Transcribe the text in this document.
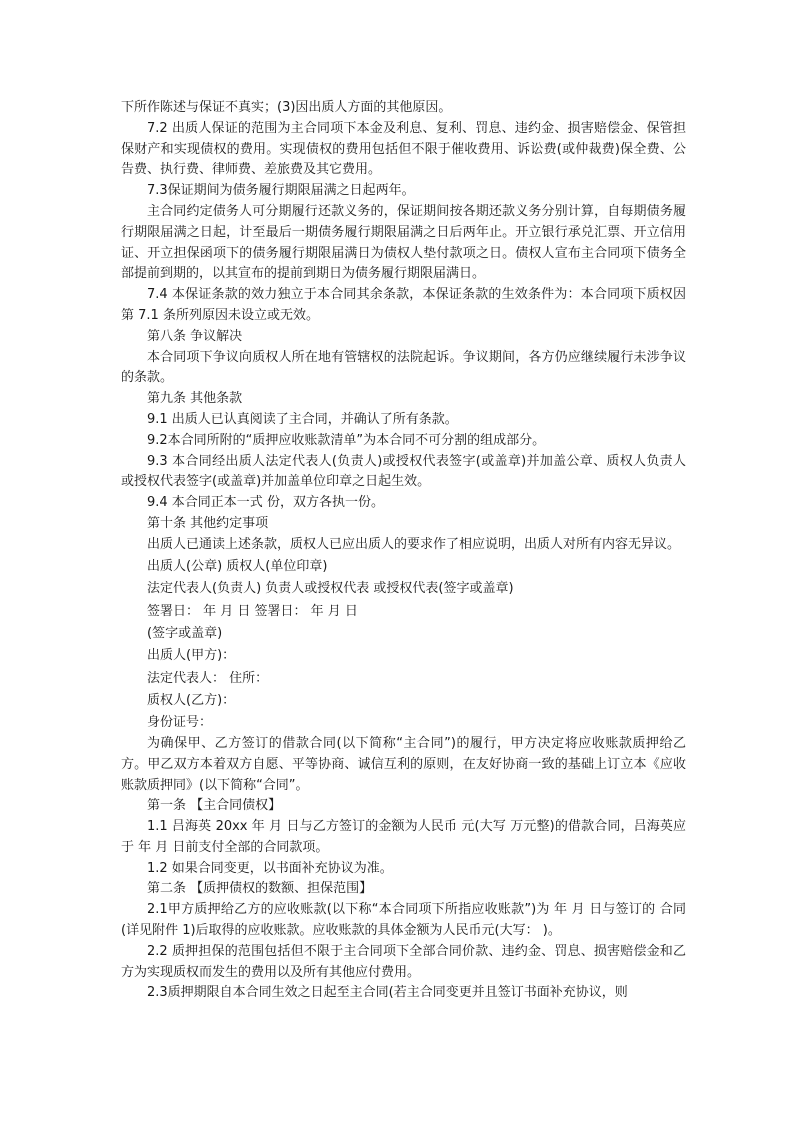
下所作陈述与保证不真实；(3)因出质人方面的其他原因。

7.2 出质人保证的范围为主合同项下本金及利息、复利、罚息、违约金、损害赔偿金、保管担保财产和实现债权的费用。实现债权的费用包括但不限于催收费用、诉讼费(或仲裁费)保全费、公告费、执行费、律师费、差旅费及其它费用。

7.3保证期间为债务履行期限届满之日起两年。

主合同约定债务人可分期履行还款义务的，保证期间按各期还款义务分别计算，自每期债务履行期限届满之日起，计至最后一期债务履行期限届满之日后两年止。开立银行承兑汇票、开立信用证、开立担保函项下的债务履行期限届满日为债权人垫付款项之日。债权人宣布主合同项下债务全部提前到期的，以其宣布的提前到期日为债务履行期限届满日。

7.4 本保证条款的效力独立于本合同其余条款，本保证条款的生效条件为：本合同项下质权因第 7.1 条所列原因未设立或无效。

第八条 争议解决

本合同项下争议向质权人所在地有管辖权的法院起诉。争议期间，各方仍应继续履行未涉争议的条款。

第九条 其他条款

9.1 出质人已认真阅读了主合同，并确认了所有条款。

9.2本合同所附的“质押应收账款清单”为本合同不可分割的组成部分。

9.3 本合同经出质人法定代表人(负责人)或授权代表签字(或盖章)并加盖公章、质权人负责人或授权代表签字(或盖章)并加盖单位印章之日起生效。

9.4 本合同正本一式 份，双方各执一份。

第十条 其他约定事项

出质人已通读上述条款，质权人已应出质人的要求作了相应说明，出质人对所有内容无异议。

出质人(公章) 质权人(单位印章)

法定代表人(负责人) 负责人或授权代表 或授权代表(签字或盖章)

签署日： 年 月 日 签署日： 年 月 日

(签字或盖章)

出质人(甲方)：

法定代表人： 住所：

质权人(乙方)：

身份证号：

为确保甲、乙方签订的借款合同(以下简称“主合同”)的履行，甲方决定将应收账款质押给乙方。甲乙双方本着双方自愿、平等协商、诚信互利的原则，在友好协商一致的基础上订立本《应收账款质押同》(以下简称“合同”。

第一条 【主合同债权】

1.1 吕海英 20xx 年 月 日与乙方签订的金额为人民币 元(大写 万元整)的借款合同，吕海英应于 年 月 日前支付全部的合同款项。

1.2 如果合同变更，以书面补充协议为准。

第二条 【质押债权的数额、担保范围】

2.1甲方质押给乙方的应收账款(以下称“本合同项下所指应收账款”)为 年 月 日与签订的 合同(详见附件 1)后取得的应收账款。应收账款的具体金额为人民币元(大写： )。

2.2 质押担保的范围包括但不限于主合同项下全部合同价款、违约金、罚息、损害赔偿金和乙方为实现质权而发生的费用以及所有其他应付费用。

2.3质押期限自本合同生效之日起至主合同(若主合同变更并且签订书面补充协议，则
